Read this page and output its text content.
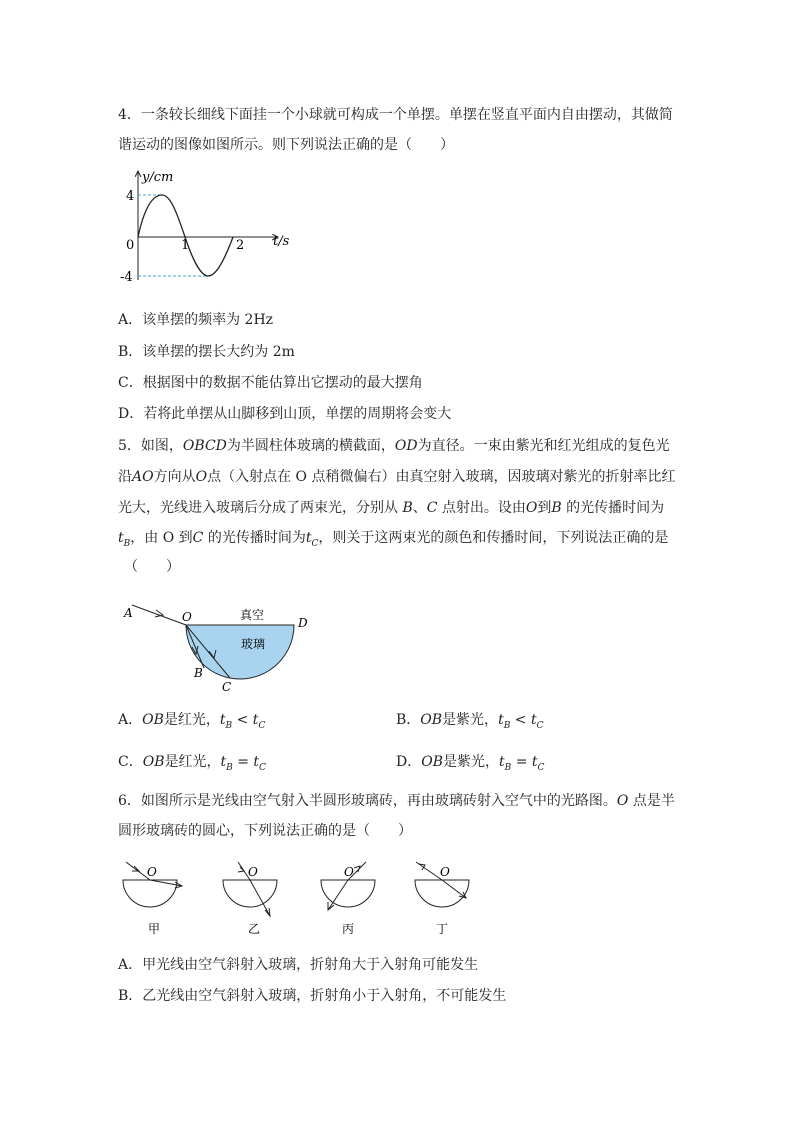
4．一条较长细线下面挂一个小球就可构成一个单摆。单摆在竖直平面内自由摆动，其做简
谐运动的图像如图所示。则下列说法正确的是（　　）
y/cm
t/s
4
-4
0	1	2
A．该单摆的频率为 2Hz
B．该单摆的摆长大约为 2m
C．根据图中的数据不能估算出它摆动的最大摆角
D．若将此单摆从山脚移到山顶，单摆的周期将会变大
5．如图，OBCD为半圆柱体玻璃的横截面，OD为直径。一束由紫光和红光组成的复色光
沿AO方向从O点（入射点在 O 点稍微偏右）由真空射入玻璃，因玻璃对紫光的折射率比红
光大，光线进入玻璃后分成了两束光，分别从 B、C 点射出。设由O到B 的光传播时间为
$t_B$，由 O 到C 的光传播时间为$t_C$，则关于这两束光的颜色和传播时间，下列说法正确的是
（　　）
A	O	D
B
C
真空
玻璃
A．OB是红光，$t_B < t_C$	B．OB是紫光，$t_B < t_C$
C．OB是红光，$t_B = t_C$	D．OB是紫光，$t_B = t_C$
6．如图所示是光线由空气射入半圆形玻璃砖，再由玻璃砖射入空气中的光路图。O 点是半
圆形玻璃砖的圆心，下列说法正确的是（　　）
O
甲
O
乙
O
丙
O
丁
A．甲光线由空气斜射入玻璃，折射角大于入射角可能发生
B．乙光线由空气斜射入玻璃，折射角小于入射角，不可能发生
